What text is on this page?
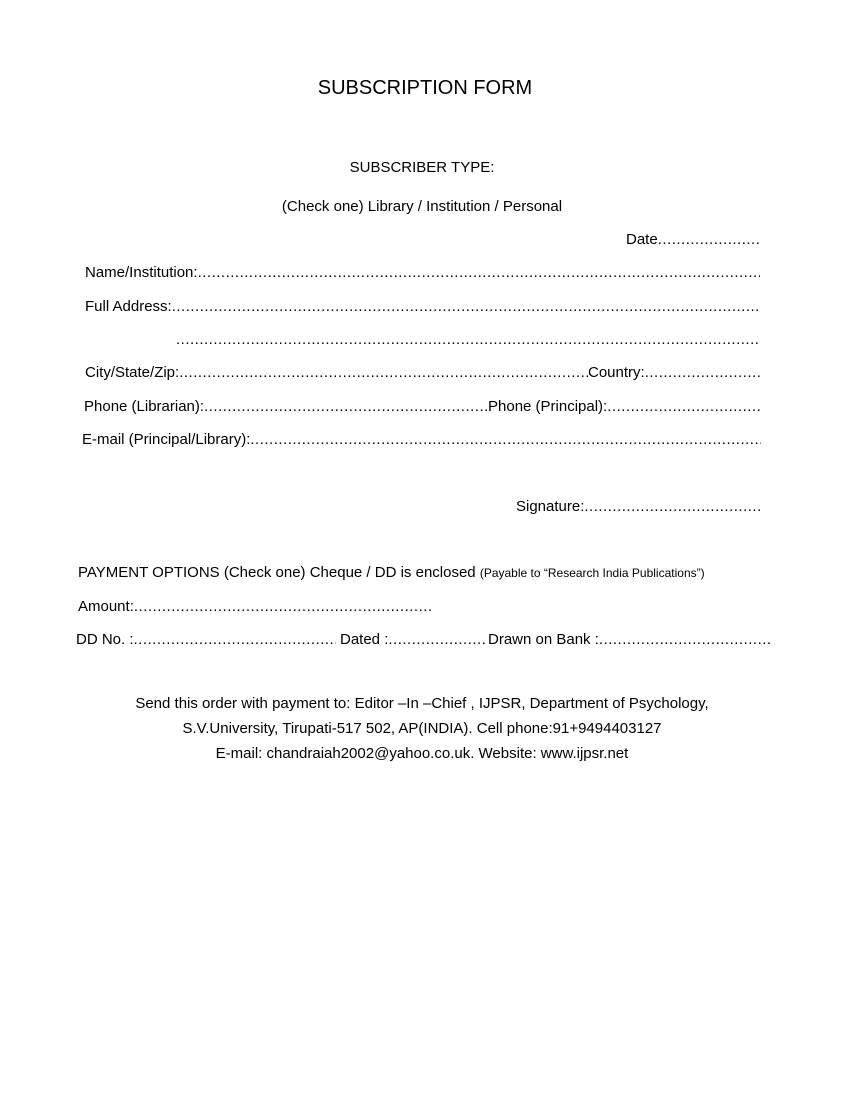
SUBSCRIPTION FORM
SUBSCRIBER TYPE:
(Check one) Library / Institution / Personal
Date
.....
Name/Institution:
.....
Full Address:
.....
.....
City/State/Zip: .....	Country:
.....
Phone (Librarian): .....	Phone (Principal):
.....
E-mail (Principal/Library):
.....
Signature:
.....
PAYMENT OPTIONS (Check one) Cheque / DD is enclosed (Payable to “Research India Publications”)
Amount:
.....
DD No. : .....	Dated : .....	Drawn on Bank :
.....
Send this order with payment to: Editor –In –Chief , IJPSR, Department of Psychology,
S.V.University, Tirupati-517 502, AP(INDIA). Cell phone:91+9494403127
E-mail: chandraiah2002@yahoo.co.uk. Website: www.ijpsr.net
